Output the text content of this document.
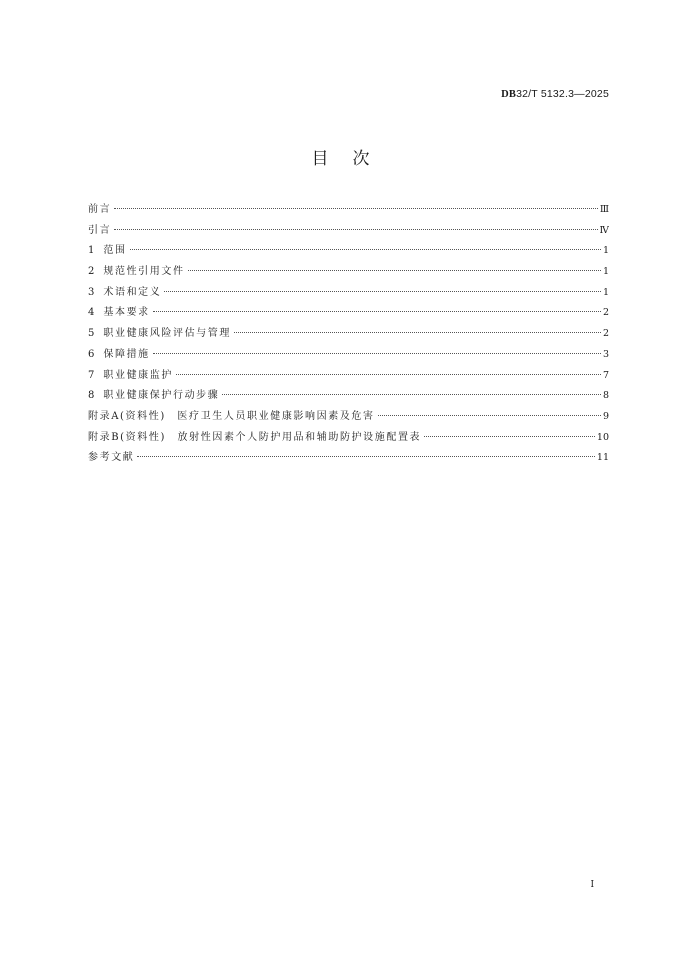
DB32/T 5132.3—2025
目次
前言	Ⅲ
引言	Ⅳ
1 范围	1
2 规范性引用文件	1
3 术语和定义	1
4 基本要求	2
5 职业健康风险评估与管理	2
6 保障措施	3
7 职业健康监护	7
8 职业健康保护行动步骤	8
附录A(资料性)　医疗卫生人员职业健康影响因素及危害	9
附录B(资料性)　放射性因素个人防护用品和辅助防护设施配置表	10
参考文献	11
I
